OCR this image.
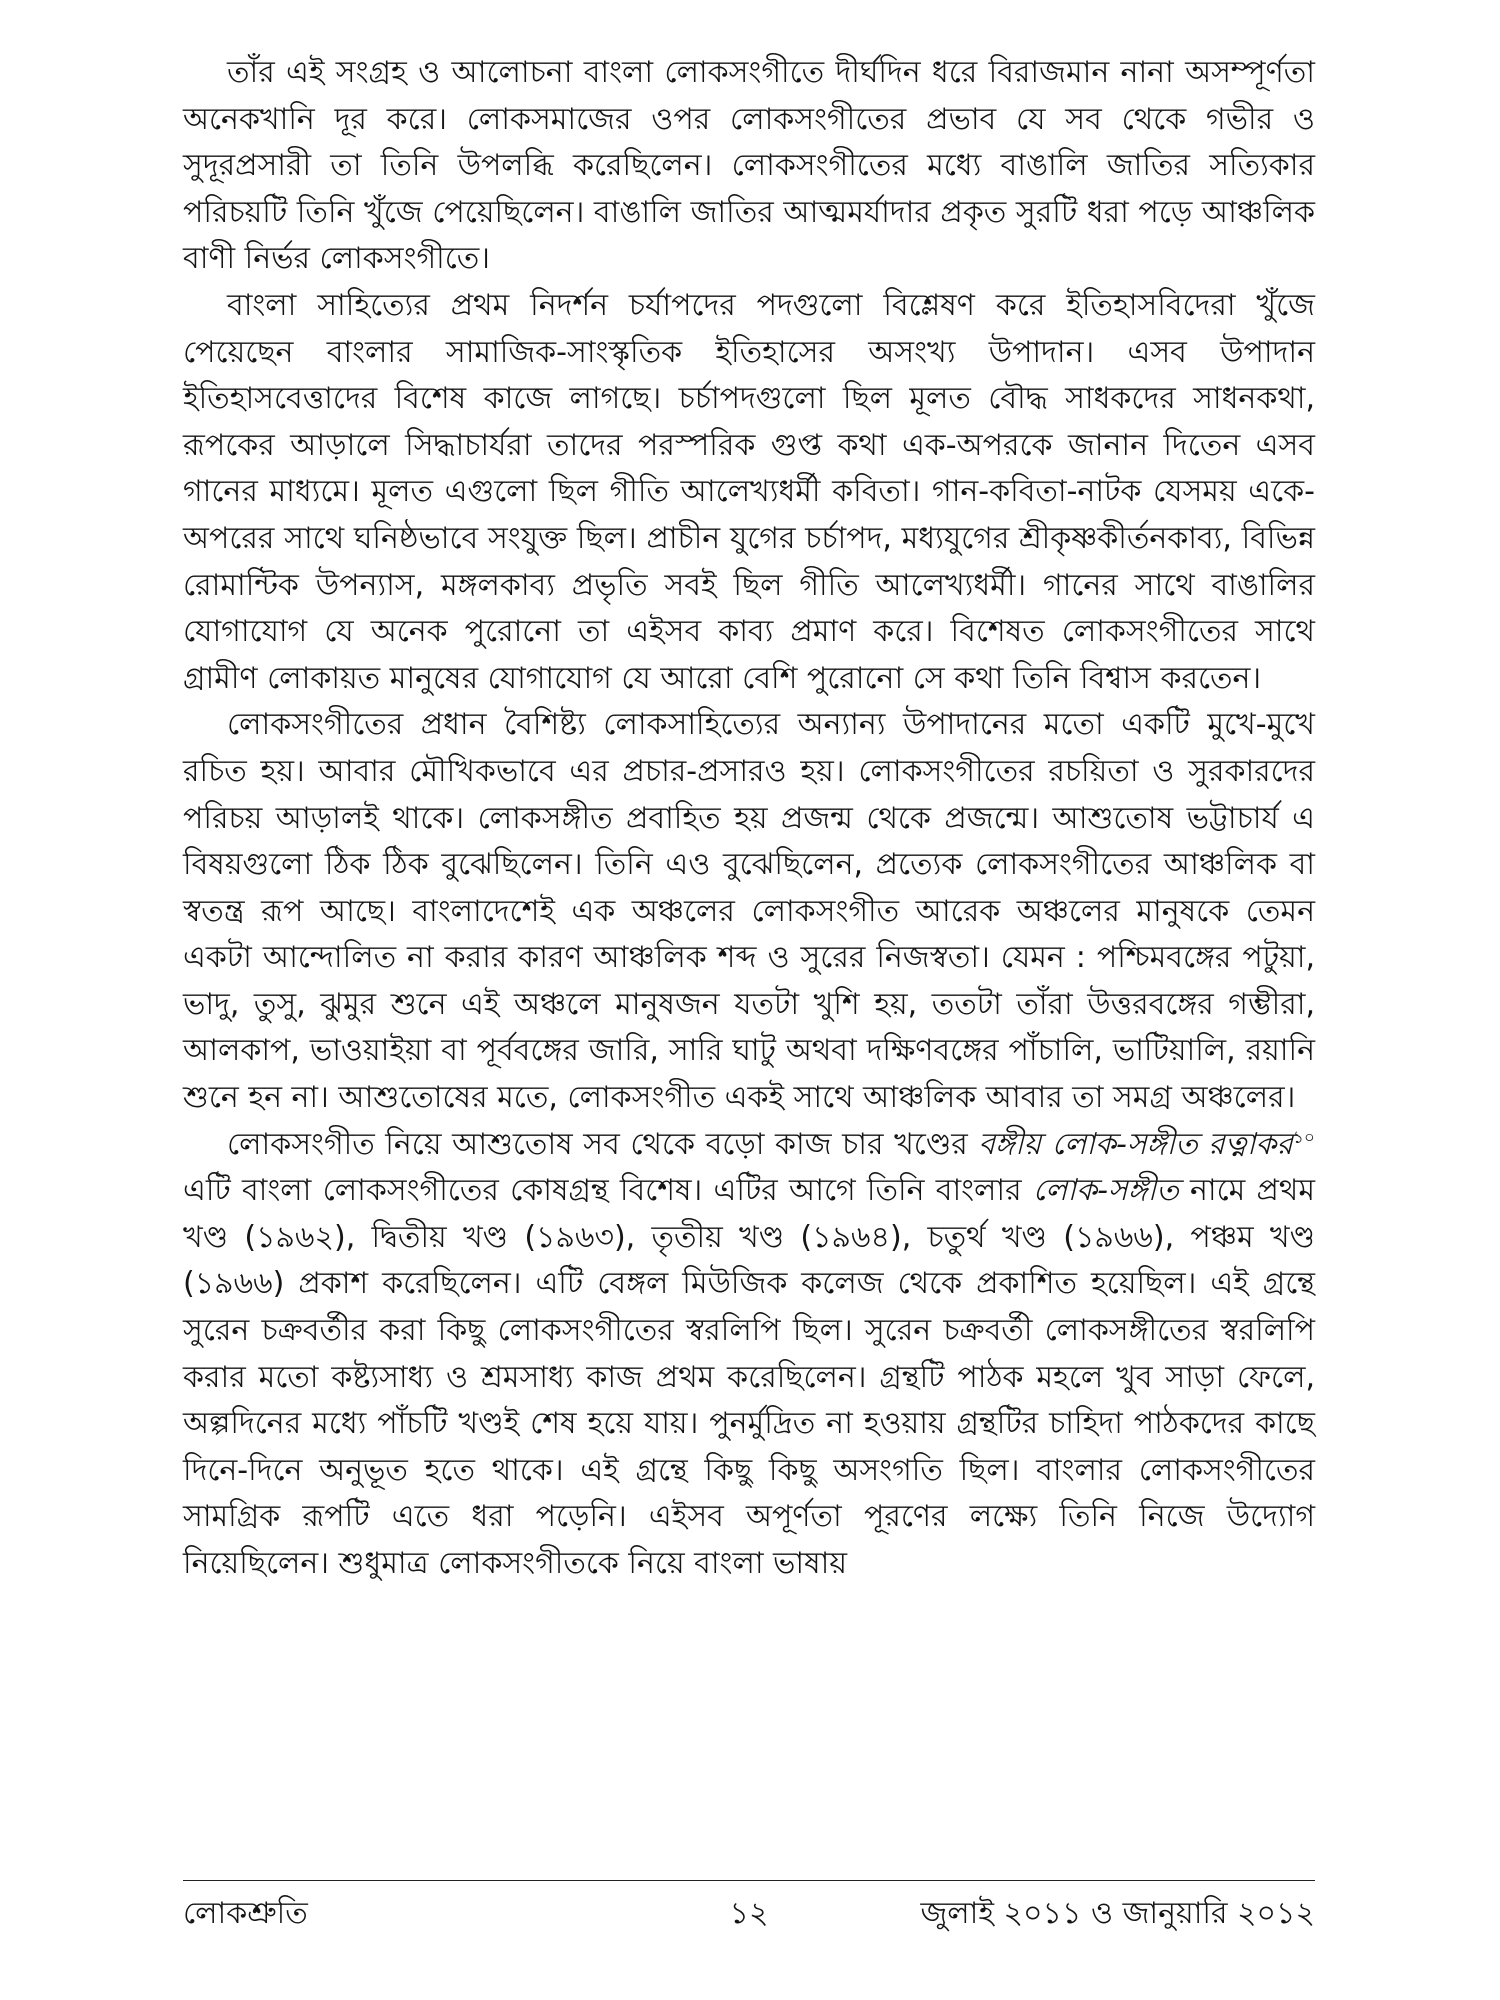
তাঁর এই সংগ্রহ ও আলোচনা বাংলা লোকসংগীতে দীর্ঘদিন ধরে বিরাজমান নানা অসম্পূর্ণতা অনেকখানি দূর করে। লোকসমাজের ওপর লোকসংগীতের প্রভাব যে সব থেকে গভীর ও সুদূরপ্রসারী তা তিনি উপলব্ধি করেছিলেন। লোকসংগীতের মধ্যে বাঙালি জাতির সত্যিকার পরিচয়টি তিনি খুঁজে পেয়েছিলেন। বাঙালি জাতির আত্মমর্যাদার প্রকৃত সুরটি ধরা পড়ে আঞ্চলিক বাণী নির্ভর লোকসংগীতে।

বাংলা সাহিত্যের প্রথম নিদর্শন চর্যাপদের পদগুলো বিশ্লেষণ করে ইতিহাসবিদেরা খুঁজে পেয়েছেন বাংলার সামাজিক-সাংস্কৃতিক ইতিহাসের অসংখ্য উপাদান। এসব উপাদান ইতিহাসবেত্তাদের বিশেষ কাজে লাগছে। চর্চাপদগুলো ছিল মূলত বৌদ্ধ সাধকদের সাধনকথা, রূপকের আড়ালে সিদ্ধাচার্যরা তাদের পরস্পরিক গুপ্ত কথা এক-অপরকে জানান দিতেন এসব গানের মাধ্যমে। মূলত এগুলো ছিল গীতি আলেখ্যধর্মী কবিতা। গান-কবিতা-নাটক যেসময় একে-অপরের সাথে ঘনিষ্ঠভাবে সংযুক্ত ছিল। প্রাচীন যুগের চর্চাপদ, মধ্যযুগের শ্রীকৃষ্ণকীর্তনকাব্য, বিভিন্ন রোমান্টিক উপন্যাস, মঙ্গলকাব্য প্রভৃতি সবই ছিল গীতি আলেখ্যধর্মী। গানের সাথে বাঙালির যোগাযোগ যে অনেক পুরোনো তা এইসব কাব্য প্রমাণ করে। বিশেষত লোকসংগীতের সাথে গ্রামীণ লোকায়ত মানুষের যোগাযোগ যে আরো বেশি পুরোনো সে কথা তিনি বিশ্বাস করতেন।

লোকসংগীতের প্রধান বৈশিষ্ট্য লোকসাহিত্যের অন্যান্য উপাদানের মতো একটি মুখে-মুখে রচিত হয়। আবার মৌখিকভাবে এর প্রচার-প্রসারও হয়। লোকসংগীতের রচয়িতা ও সুরকারদের পরিচয় আড়ালই থাকে। লোকসঙ্গীত প্রবাহিত হয় প্রজন্ম থেকে প্রজন্মে। আশুতোষ ভট্টাচার্য এ বিষয়গুলো ঠিক ঠিক বুঝেছিলেন। তিনি এও বুঝেছিলেন, প্রত্যেক লোকসংগীতের আঞ্চলিক বা স্বতন্ত্র রূপ আছে। বাংলাদেশেই এক অঞ্চলের লোকসংগীত আরেক অঞ্চলের মানুষকে তেমন একটা আন্দোলিত না করার কারণ আঞ্চলিক শব্দ ও সুরের নিজস্বতা। যেমন : পশ্চিমবঙ্গের পটুয়া, ভাদু, তুসু, ঝুমুর শুনে এই অঞ্চলে মানুষজন যতটা খুশি হয়, ততটা তাঁরা উত্তরবঙ্গের গম্ভীরা, আলকাপ, ভাওয়াইয়া বা পূর্ববঙ্গের জারি, সারি ঘাটু অথবা দক্ষিণবঙ্গের পাঁচালি, ভাটিয়ালি, রয়ানি শুনে হন না। আশুতোষের মতে, লোকসংগীত একই সাথে আঞ্চলিক আবার তা সমগ্র অঞ্চলের।

লোকসংগীত নিয়ে আশুতোষ সব থেকে বড়ো কাজ চার খণ্ডের বঙ্গীয় লোক-সঙ্গীত রত্নাকর$^{১০}$ এটি বাংলা লোকসংগীতের কোষগ্রন্থ বিশেষ। এটির আগে তিনি বাংলার লোক-সঙ্গীত নামে প্রথম খণ্ড (১৯৬২), দ্বিতীয় খণ্ড (১৯৬৩), তৃতীয় খণ্ড (১৯৬৪), চতুর্থ খণ্ড (১৯৬৬), পঞ্চম খণ্ড (১৯৬৬) প্রকাশ করেছিলেন। এটি বেঙ্গল মিউজিক কলেজ থেকে প্রকাশিত হয়েছিল। এই গ্রন্থে সুরেন চক্রবর্তীর করা কিছু লোকসংগীতের স্বরলিপি ছিল। সুরেন চক্রবর্তী লোকসঙ্গীতের স্বরলিপি করার মতো কষ্ট্যসাধ্য ও শ্রমসাধ্য কাজ প্রথম করেছিলেন। গ্রন্থটি পাঠক মহলে খুব সাড়া ফেলে, অল্পদিনের মধ্যে পাঁচটি খণ্ডই শেষ হয়ে যায়। পুনর্মুদ্রিত না হওয়ায় গ্রন্থটির চাহিদা পাঠকদের কাছে দিনে-দিনে অনুভূত হতে থাকে। এই গ্রন্থে কিছু কিছু অসংগতি ছিল। বাংলার লোকসংগীতের সামগ্রিক রূপটি এতে ধরা পড়েনি। এইসব অপূর্ণতা পূরণের লক্ষ্যে তিনি নিজে উদ্যোগ নিয়েছিলেন। শুধুমাত্র লোকসংগীতকে নিয়ে বাংলা ভাষায়

লোকশ্রুতি	১২	জুলাই ২০১১ ও জানুয়ারি ২০১২
